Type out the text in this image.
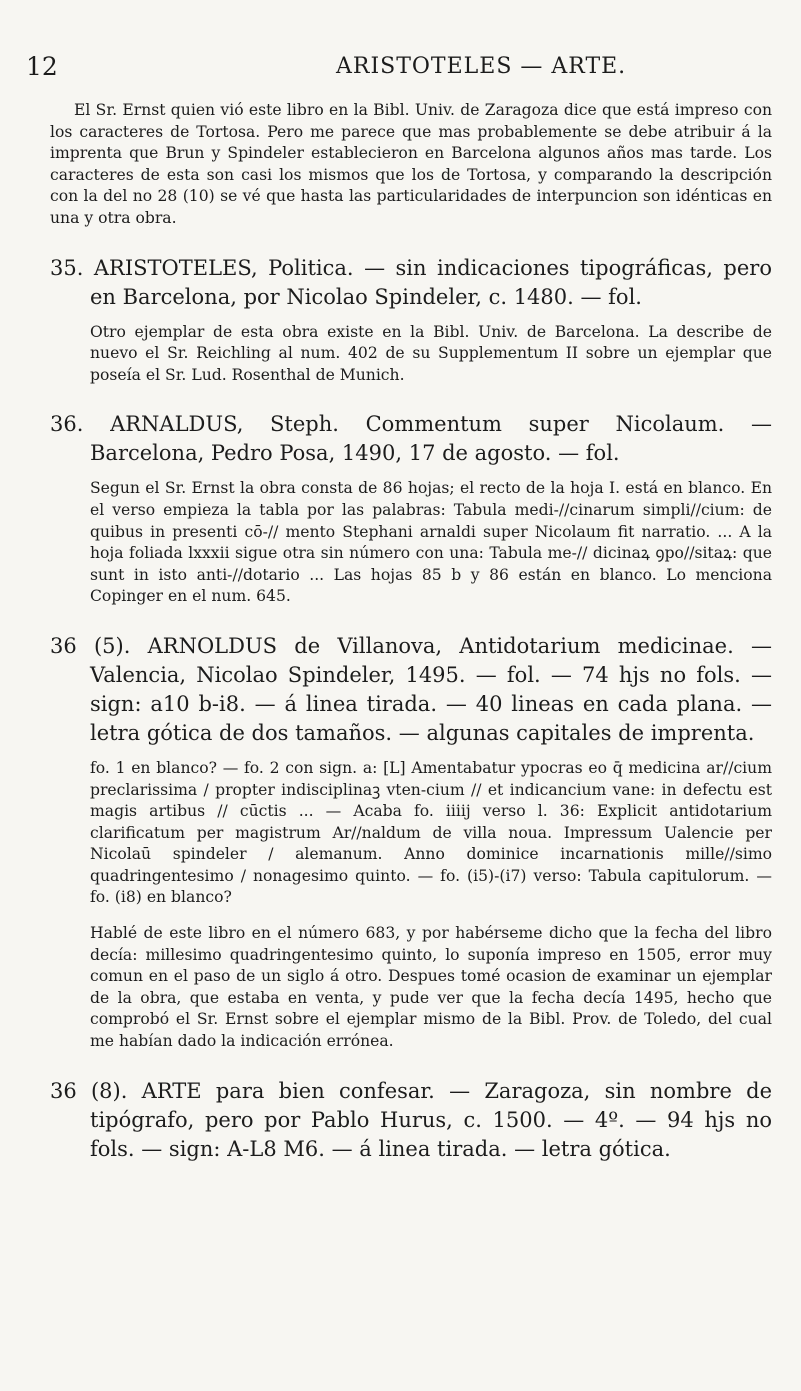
12	ARISTOTELES — ARTE.

El Sr. Ernst quien vió este libro en la Bibl. Univ. de Zaragoza dice que está impreso con los caracteres de Tortosa. Pero me parece que mas probablemente se debe atribuir á la imprenta que Brun y Spindeler establecieron en Barcelona algunos años mas tarde. Los caracteres de esta son casi los mismos que los de Tortosa, y comparando la descripción con la del no 28 (10) se vé que hasta las particularidades de interpuncion son idénticas en una y otra obra.

35. ARISTOTELES, Politica. — sin indicaciones tipográficas, pero en Barcelona, por Nicolao Spindeler, c. 1480. — fol.

Otro ejemplar de esta obra existe en la Bibl. Univ. de Barcelona. La describe de nuevo el Sr. Reichling al num. 402 de su Supplementum II sobre un ejemplar que poseía el Sr. Lud. Rosenthal de Munich.

36. ARNALDUS, Steph. Commentum super Nicolaum. — Barcelona, Pedro Posa, 1490, 17 de agosto. — fol.

Segun el Sr. Ernst la obra consta de 86 hojas; el recto de la hoja I. está en blanco. En el verso empieza la tabla por las palabras: Tabula medi-//cinarum simpli//cium: de quibus in presenti cō-// mento Stephani arnaldi super Nicolaum fit narratio. ... A la hoja foliada lxxxii sigue otra sin número con una: Tabula me-// dicinaꝝ ꝯpo//sitaꝝ: que sunt in isto anti-//dotario ... Las hojas 85 b y 86 están en blanco. Lo menciona Copinger en el num. 645.

36 (5). ARNOLDUS de Villanova, Antidotarium medicinae. — Valencia, Nicolao Spindeler, 1495. — fol. — 74 hjs no fols. — sign: a10 b-i8. — á linea tirada. — 40 lineas en cada plana. — letra gótica de dos tamaños. — algunas capitales de imprenta.

fo. 1 en blanco? — fo. 2 con sign. a: [L] Amentabatur ypocras eo q̄ medicina ar//cium preclarissima / propter indisciplinaꝫ vten-cium // et indicancium vane: in defectu est magis artibus // cūctis ... — Acaba fo. iiiij verso l. 36: Explicit antidotarium clarificatum per magistrum Ar//naldum de villa noua. Impressum Ualencie per Nicolaū spindeler / alemanum. Anno dominice incarnationis mille//simo quadringentesimo / nonagesimo quinto. — fo. (i5)-(i7) verso: Tabula capitulorum. — fo. (i8) en blanco?

Hablé de este libro en el número 683, y por habérseme dicho que la fecha del libro decía: millesimo quadringentesimo quinto, lo suponía impreso en 1505, error muy comun en el paso de un siglo á otro. Despues tomé ocasion de examinar un ejemplar de la obra, que estaba en venta, y pude ver que la fecha decía 1495, hecho que comprobó el Sr. Ernst sobre el ejemplar mismo de la Bibl. Prov. de Toledo, del cual me habían dado la indicación errónea.

36 (8). ARTE para bien confesar. — Zaragoza, sin nombre de tipógrafo, pero por Pablo Hurus, c. 1500. — 4º. — 94 hjs no fols. — sign: A-L8 M6. — á linea tirada. — letra gótica.
